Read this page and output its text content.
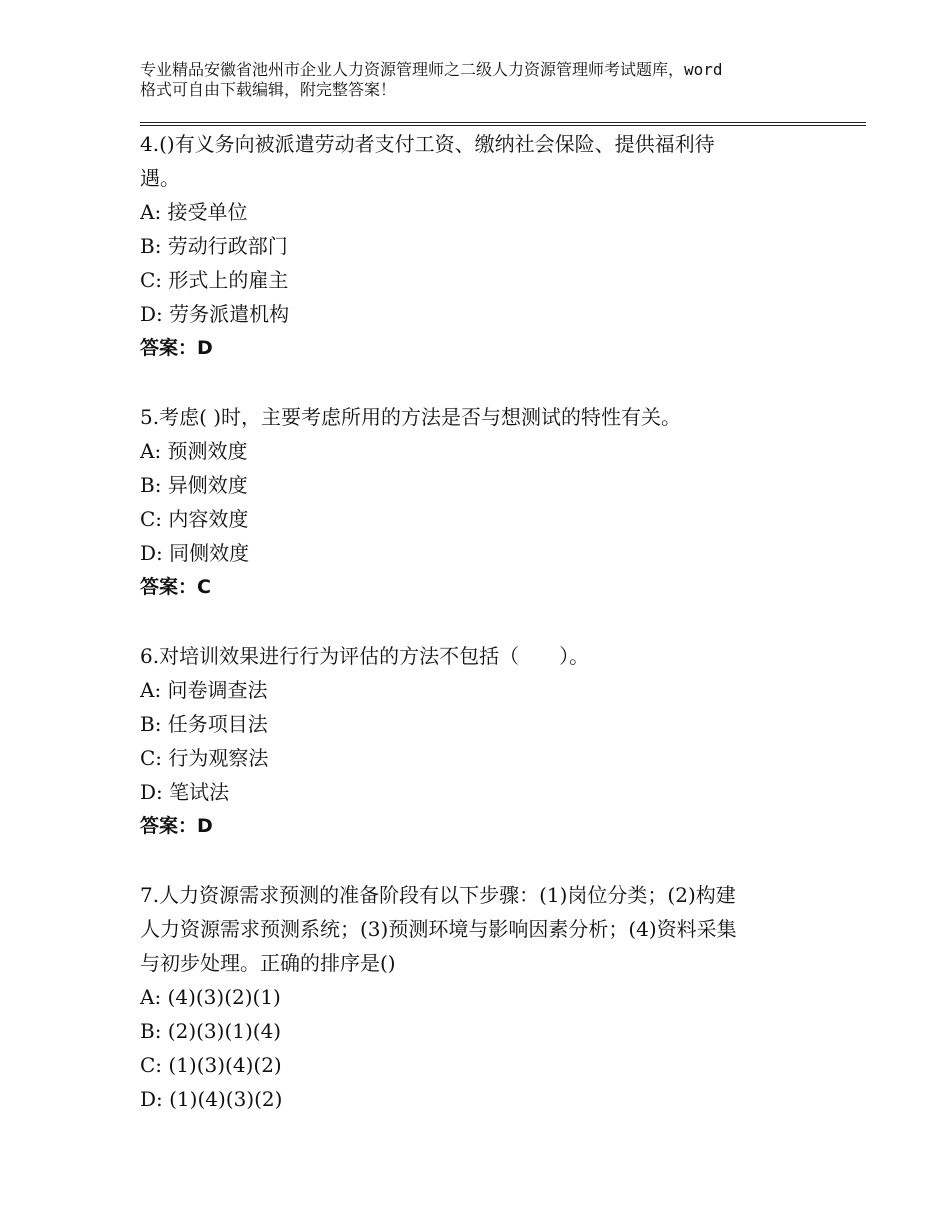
专业精品安徽省池州市企业人力资源管理师之二级人力资源管理师考试题库，word
格式可自由下载编辑，附完整答案！
4.()有义务向被派遣劳动者支付工资、缴纳社会保险、提供福利待
遇。
A: 接受单位
B: 劳动行政部门
C: 形式上的雇主
D: 劳务派遣机构
答案：D
5.考虑( )时，主要考虑所用的方法是否与想测试的特性有关。
A: 预测效度
B: 异侧效度
C: 内容效度
D: 同侧效度
答案：C
6.对培训效果进行行为评估的方法不包括（　　）。
A: 问卷调查法
B: 任务项目法
C: 行为观察法
D: 笔试法
答案：D
7.人力资源需求预测的准备阶段有以下步骤：(1)岗位分类；(2)构建
人力资源需求预测系统；(3)预测环境与影响因素分析；(4)资料采集
与初步处理。正确的排序是()
A: (4)(3)(2)(1)
B: (2)(3)(1)(4)
C: (1)(3)(4)(2)
D: (1)(4)(3)(2)
